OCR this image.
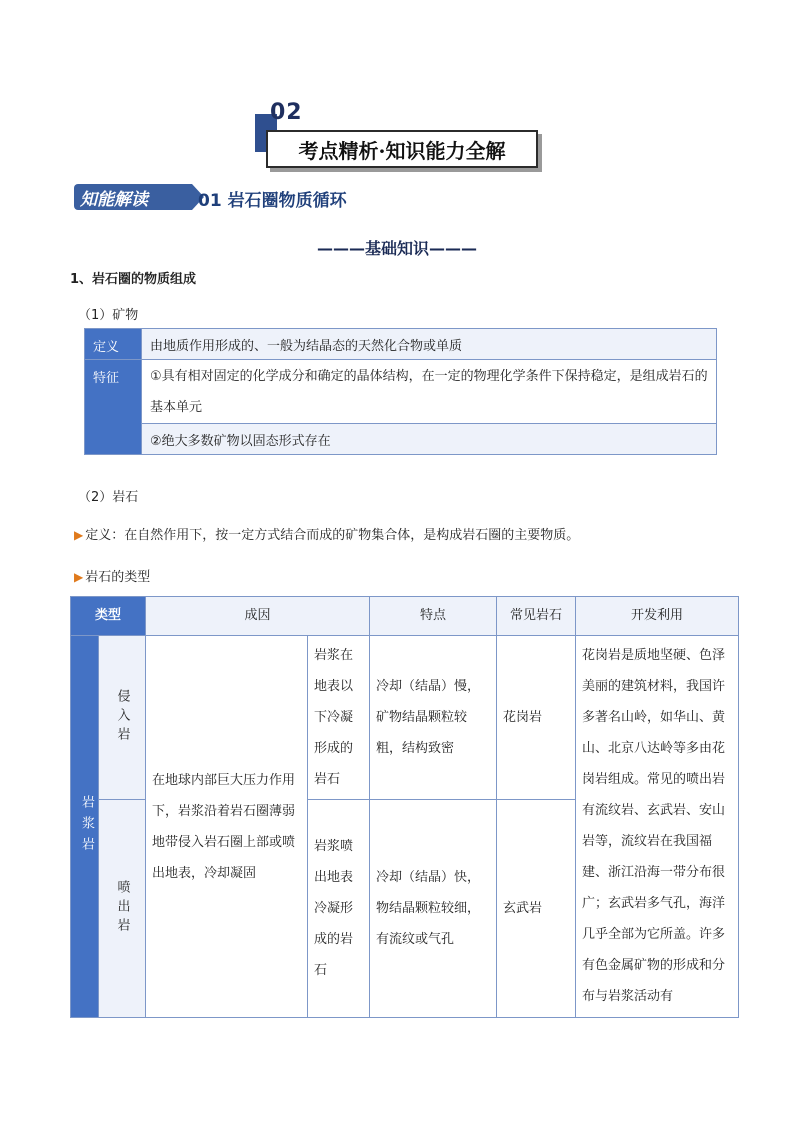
02
考点精析·知识能力全解
知能解读	01 岩石圈物质循环
———基础知识———
1、岩石圈的物质组成
（1）矿物
定义	由地质作用形成的、一般为结晶态的天然化合物或单质
特征	①具有相对固定的化学成分和确定的晶体结构，在一定的物理化学条件下保持稳定，是组成岩石的基本单元
	②绝大多数矿物以固态形式存在
（2）岩石
▶ 定义：在自然作用下，按一定方式结合而成的矿物集合体，是构成岩石圈的主要物质。
▶ 岩石的类型
类型		成因		特点	常见岩石	开发利用

岩浆岩	侵入岩	在地球内部巨大压力作用下，岩浆沿着岩石圈薄弱地带侵入岩石圈上部或喷出地表，冷却凝固	岩浆在地表以下冷凝形成的岩石	冷却（结晶）慢，矿物结晶颗粒较粗，结构致密	花岗岩	花岗岩是质地坚硬、色泽美丽的建筑材料，我国许多著名山岭，如华山、黄山、北京八达岭等多由花岗岩组成。常见的喷出岩有流纹岩、玄武岩、安山岩等，流纹岩在我国福建、浙江沿海一带分布很广；玄武岩多气孔，海洋几乎全部为它所盖。许多有色金属矿物的形成和分布与岩浆活动有

	喷出岩		岩浆喷出地表冷凝形成的岩石	冷却（结晶）快，物结晶颗粒较细，有流纹或气孔	玄武岩	
